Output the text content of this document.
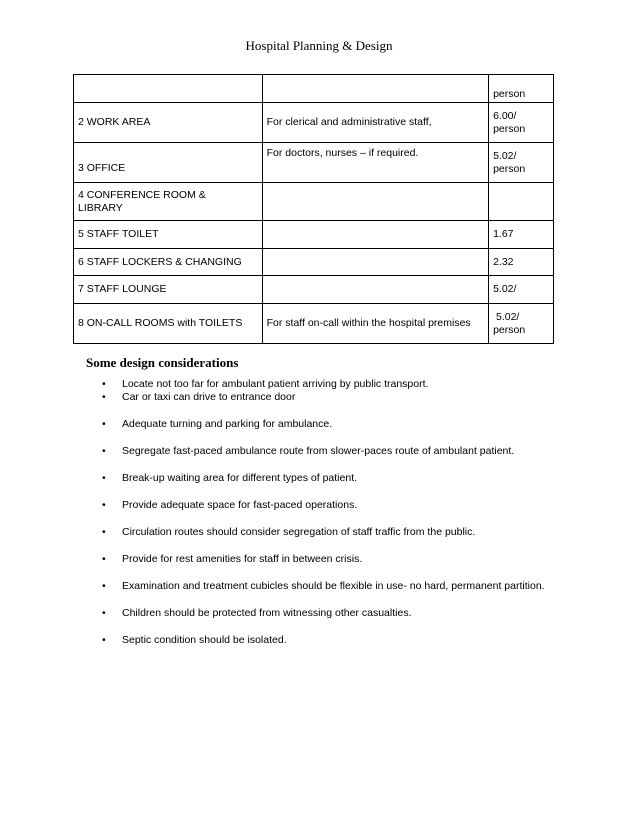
Hospital Planning & Design
		person
2 WORK AREA	For clerical and administrative staff,	6.00/
person
3 OFFICE	For doctors, nurses – if required.	5.02/
person
4 CONFERENCE ROOM &
LIBRARY		
5 STAFF TOILET		1.67
6 STAFF LOCKERS & CHANGING		2.32
7 STAFF LOUNGE		5.02/
8 ON-CALL ROOMS with TOILETS	For staff on-call within the hospital premises	5.02/
person
Some design considerations
• Locate not too far for ambulant patient arriving by public transport.
• Car or taxi can drive to entrance door
• Adequate turning and parking for ambulance.
• Segregate fast-paced ambulance route from slower-paces route of ambulant patient.
• Break-up waiting area for different types of patient.
• Provide adequate space for fast-paced operations.
• Circulation routes should consider segregation of staff traffic from the public.
• Provide for rest amenities for staff in between crisis.
• Examination and treatment cubicles should be flexible in use- no hard, permanent partition.
• Children should be protected from witnessing other casualties.
• Septic condition should be isolated.
